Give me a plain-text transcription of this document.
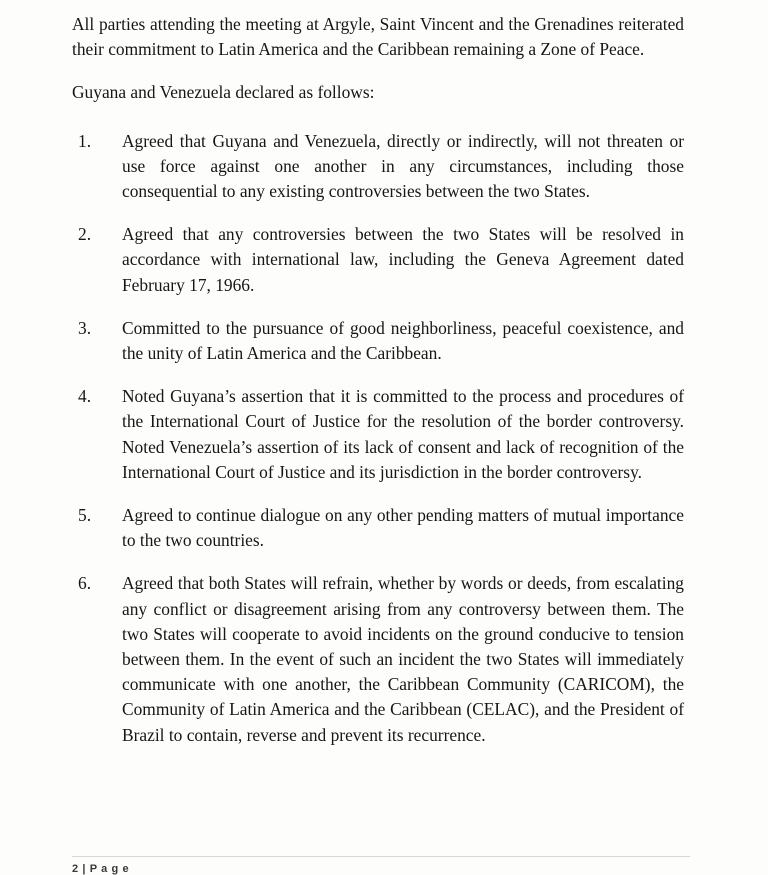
All parties attending the meeting at Argyle, Saint Vincent and the Grenadines reiterated their commitment to Latin America and the Caribbean remaining a Zone of Peace.

Guyana and Venezuela declared as follows:

1.	Agreed that Guyana and Venezuela, directly or indirectly, will not threaten or use force against one another in any circumstances, including those consequential to any existing controversies between the two States.
2.	Agreed that any controversies between the two States will be resolved in accordance with international law, including the Geneva Agreement dated February 17, 1966.
3.	Committed to the pursuance of good neighborliness, peaceful coexistence, and the unity of Latin America and the Caribbean.
4.	Noted Guyana’s assertion that it is committed to the process and procedures of the International Court of Justice for the resolution of the border controversy. Noted Venezuela’s assertion of its lack of consent and lack of recognition of the International Court of Justice and its jurisdiction in the border controversy.
5.	Agreed to continue dialogue on any other pending matters of mutual importance to the two countries.
6.	Agreed that both States will refrain, whether by words or deeds, from escalating any conflict or disagreement arising from any controversy between them. The two States will cooperate to avoid incidents on the ground conducive to tension between them. In the event of such an incident the two States will immediately communicate with one another, the Caribbean Community (CARICOM), the Community of Latin America and the Caribbean (CELAC), and the President of Brazil to contain, reverse and prevent its recurrence.
2 | P a g e
